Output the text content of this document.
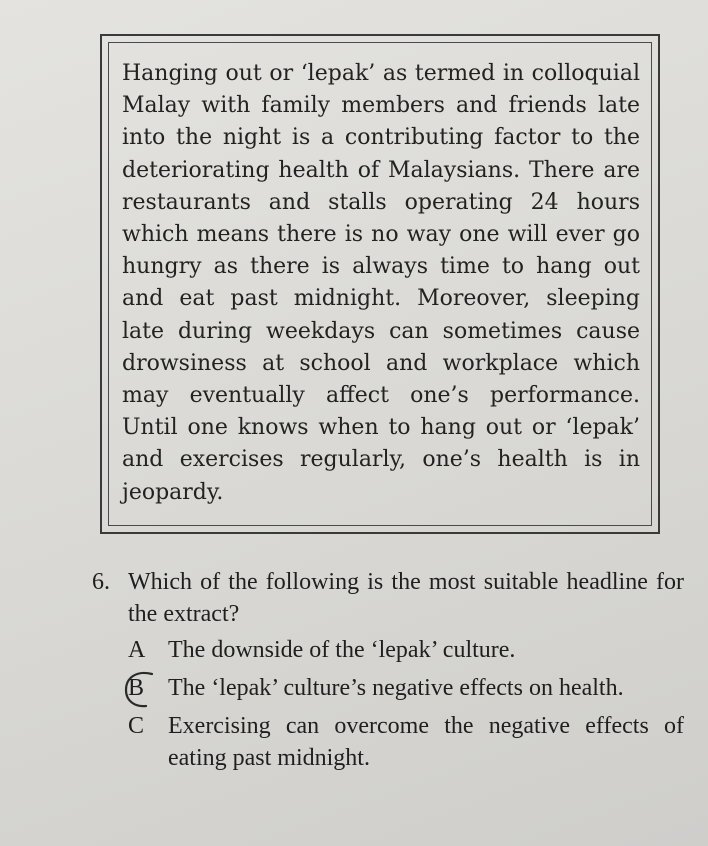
Hanging out or ‘lepak’ as termed in colloquial Malay with family members and friends late into the night is a contributing factor to the deteriorating health of Malaysians. There are restaurants and stalls operating 24 hours which means there is no way one will ever go hungry as there is always time to hang out and eat past midnight. Moreover, sleeping late during weekdays can sometimes cause drowsiness at school and workplace which may eventually affect one’s performance. Until one knows when to hang out or ‘lepak’ and exercises regularly, one’s health is in jeopardy.

6. Which of the following is the most suitable headline for the extract?
A The downside of the ‘lepak’ culture.
B The ‘lepak’ culture’s negative effects on health.
C Exercising can overcome the negative effects of eating past midnight.
